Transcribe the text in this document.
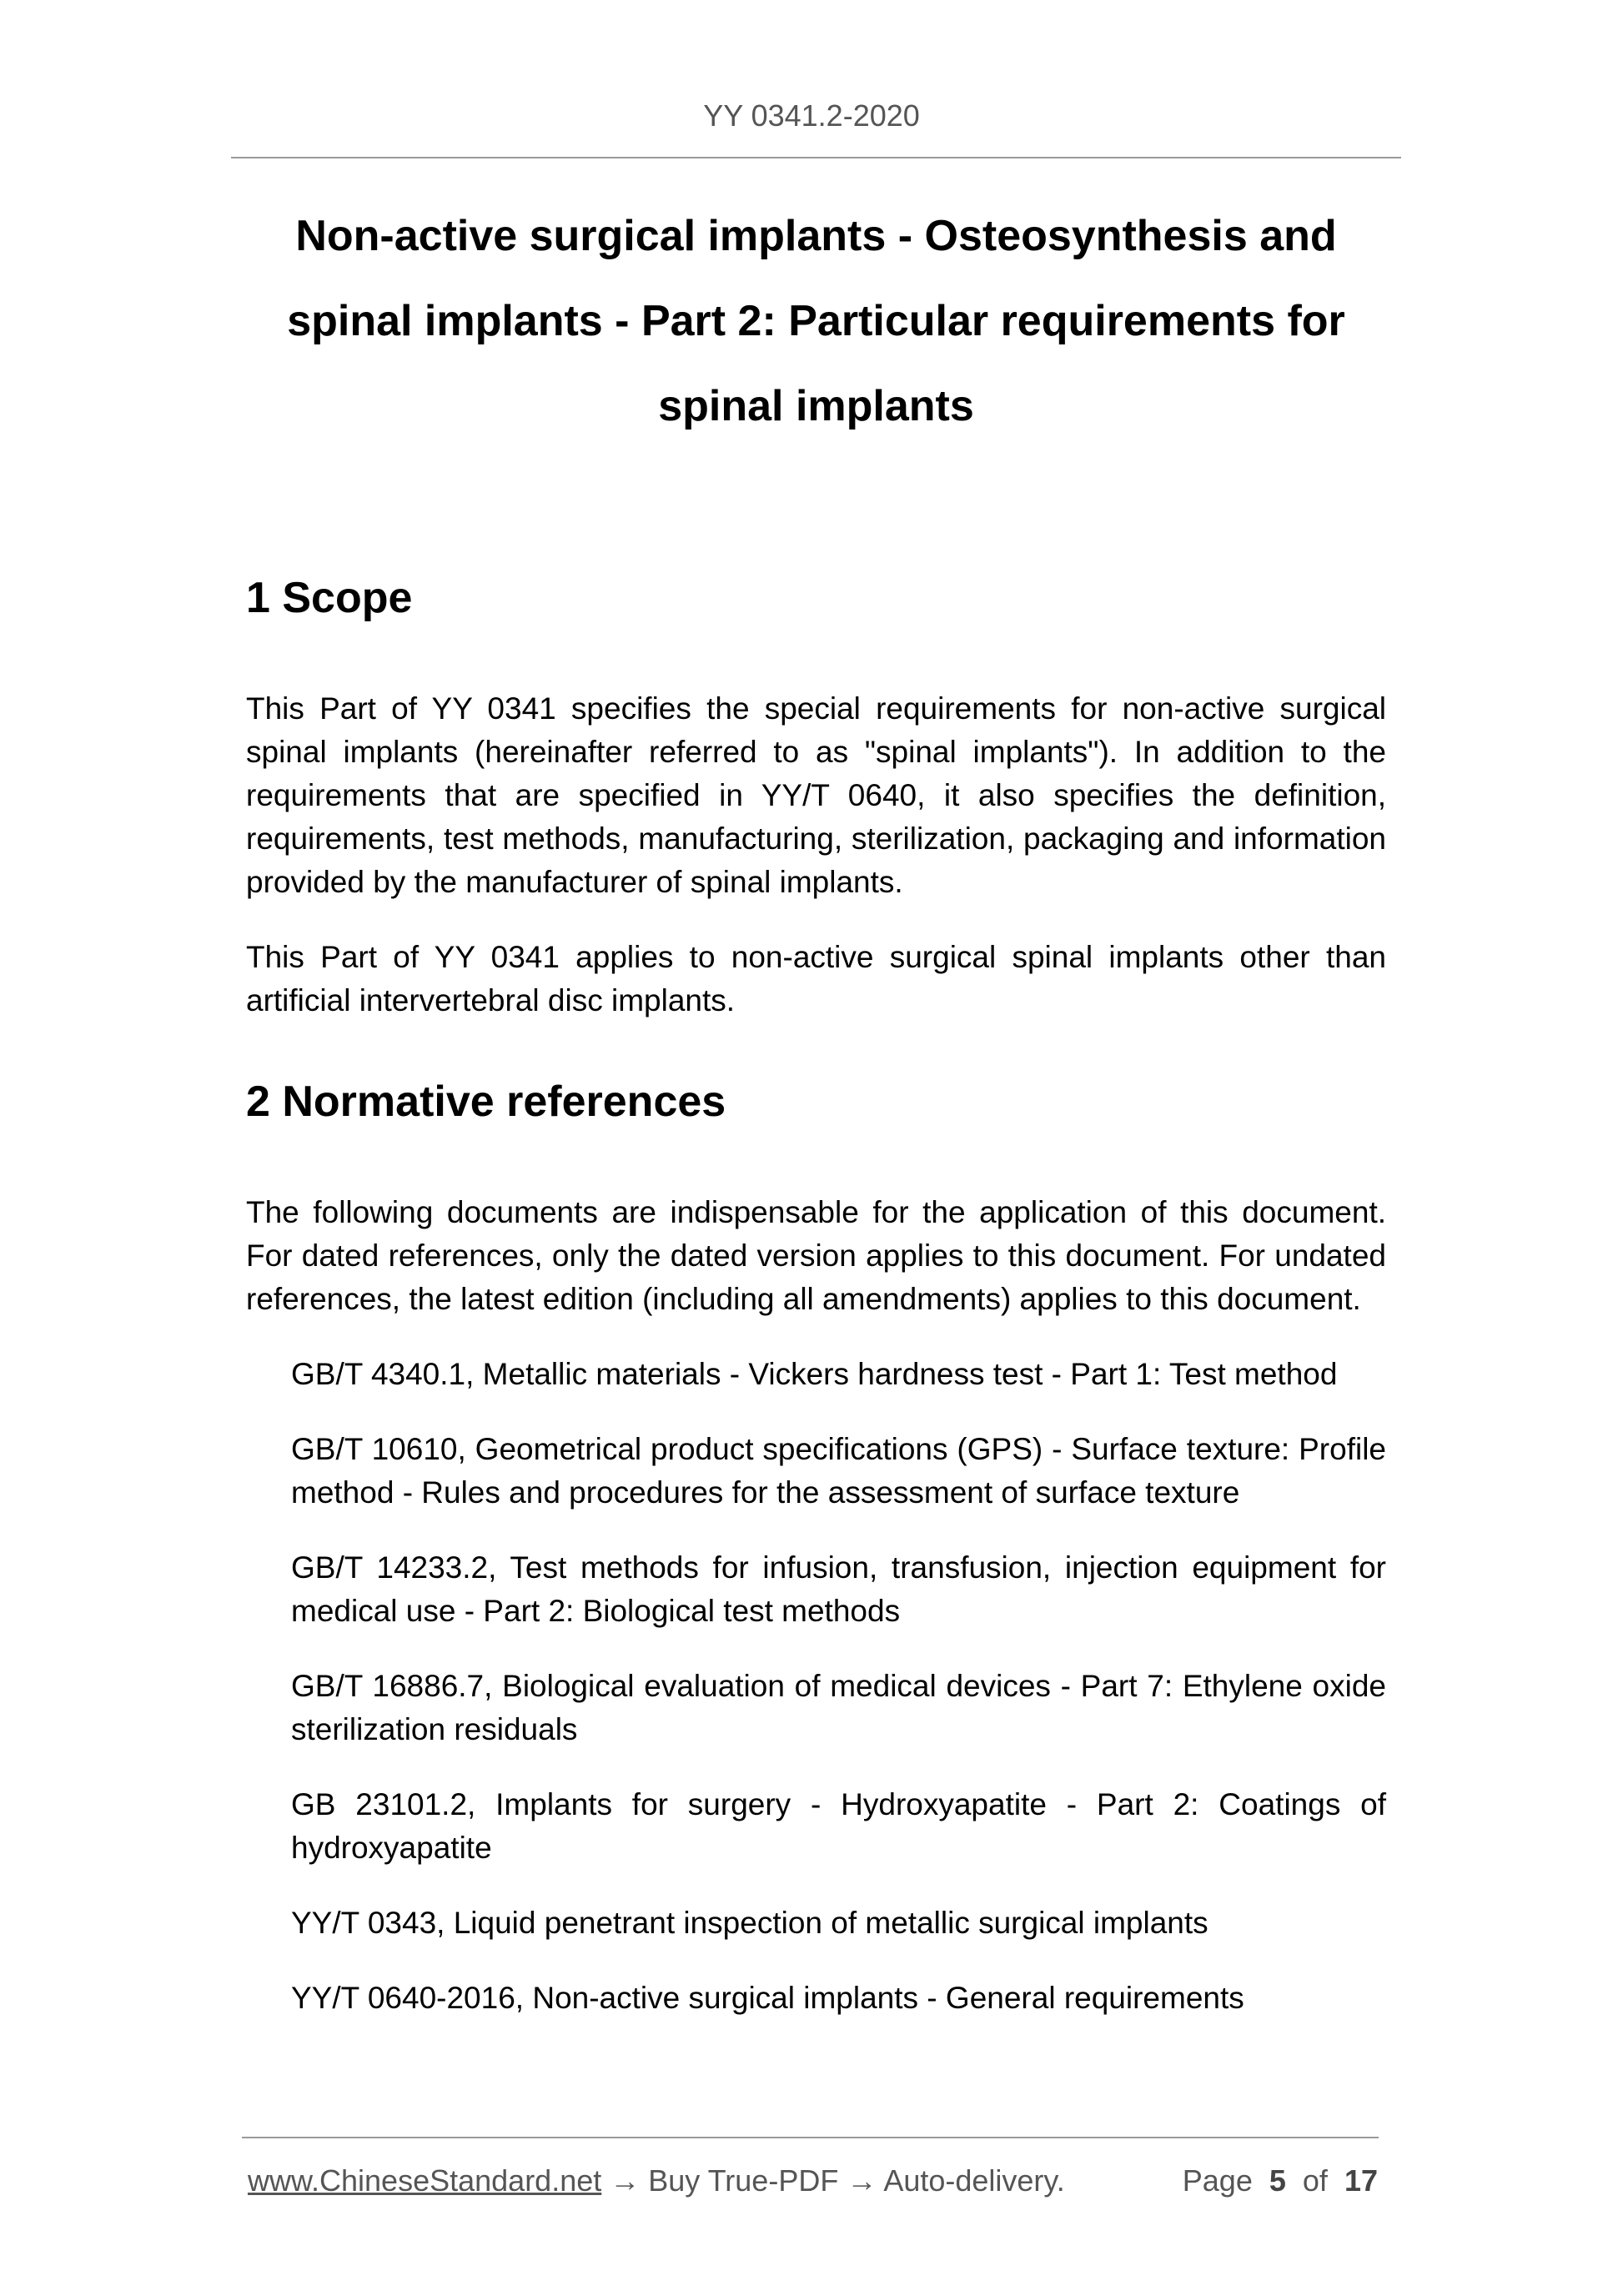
YY 0341.2-2020
Non-active surgical implants - Osteosynthesis and
spinal implants - Part 2: Particular requirements for
spinal implants
1 Scope

This Part of YY 0341 specifies the special requirements for non-active surgical spinal implants (hereinafter referred to as "spinal implants"). In addition to the requirements that are specified in YY/T 0640, it also specifies the definition, requirements, test methods, manufacturing, sterilization, packaging and information provided by the manufacturer of spinal implants.

This Part of YY 0341 applies to non-active surgical spinal implants other than artificial intervertebral disc implants.

2 Normative references

The following documents are indispensable for the application of this document. For dated references, only the dated version applies to this document. For undated references, the latest edition (including all amendments) applies to this document.

GB/T 4340.1, Metallic materials - Vickers hardness test - Part 1: Test method

GB/T 10610, Geometrical product specifications (GPS) - Surface texture: Profile method - Rules and procedures for the assessment of surface texture

GB/T 14233.2, Test methods for infusion, transfusion, injection equipment for medical use - Part 2: Biological test methods

GB/T 16886.7, Biological evaluation of medical devices - Part 7: Ethylene oxide sterilization residuals

GB 23101.2, Implants for surgery - Hydroxyapatite - Part 2: Coatings of hydroxyapatite

YY/T 0343, Liquid penetrant inspection of metallic surgical implants

YY/T 0640-2016, Non-active surgical implants - General requirements

www.ChineseStandard.net → Buy True-PDF → Auto-delivery.	Page 5 of 17
